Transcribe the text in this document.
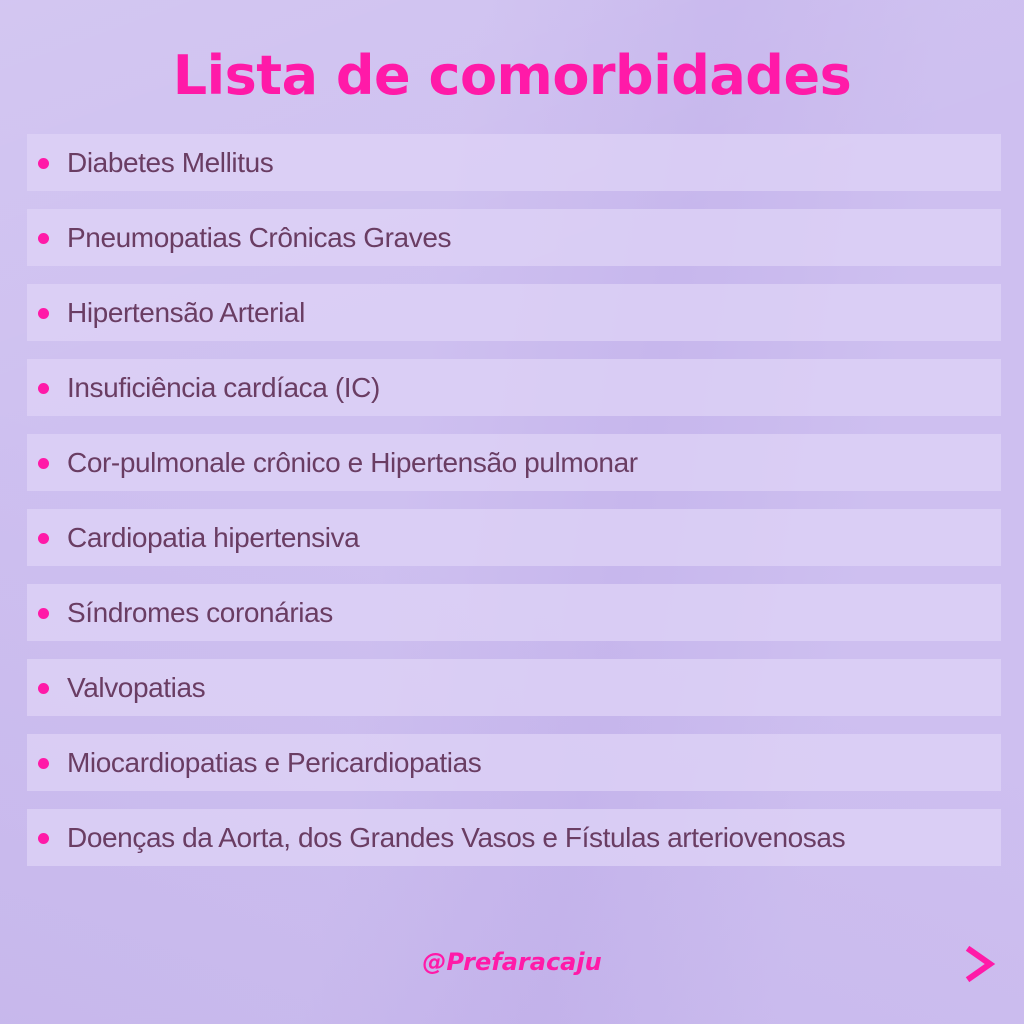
Lista de comorbidades
Diabetes Mellitus
Pneumopatias Crônicas Graves
Hipertensão Arterial
Insuficiência cardíaca (IC)
Cor-pulmonale crônico e Hipertensão pulmonar
Cardiopatia hipertensiva
Síndromes coronárias
Valvopatias
Miocardiopatias e Pericardiopatias
Doenças da Aorta, dos Grandes Vasos e Fístulas arteriovenosas
@Prefaracaju
